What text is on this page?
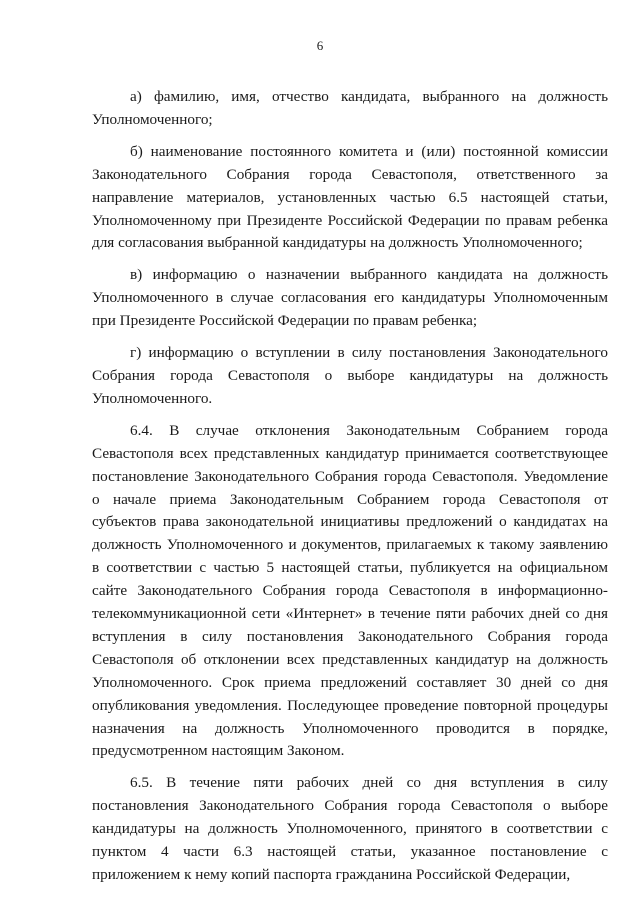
6

а) фамилию, имя, отчество кандидата, выбранного на должность Уполномоченного;

б) наименование постоянного комитета и (или) постоянной комиссии Законодательного Собрания города Севастополя, ответственного за направление материалов, установленных частью 6.5 настоящей статьи, Уполномоченному при Президенте Российской Федерации по правам ребенка для согласования выбранной кандидатуры на должность Уполномоченного;

в) информацию о назначении выбранного кандидата на должность Уполномоченного в случае согласования его кандидатуры Уполномоченным при Президенте Российской Федерации по правам ребенка;

г) информацию о вступлении в силу постановления Законодательного Собрания города Севастополя о выборе кандидатуры на должность Уполномоченного.

6.4. В случае отклонения Законодательным Собранием города Севастополя всех представленных кандидатур принимается соответствующее постановление Законодательного Собрания города Севастополя. Уведомление о начале приема Законодательным Собранием города Севастополя от субъектов права законодательной инициативы предложений о кандидатах на должность Уполномоченного и документов, прилагаемых к такому заявлению в соответствии с частью 5 настоящей статьи, публикуется на официальном сайте Законодательного Собрания города Севастополя в информационно-телекоммуникационной сети «Интернет» в течение пяти рабочих дней со дня вступления в силу постановления Законодательного Собрания города Севастополя об отклонении всех представленных кандидатур на должность Уполномоченного. Срок приема предложений составляет 30 дней со дня опубликования уведомления. Последующее проведение повторной процедуры назначения на должность Уполномоченного проводится в порядке, предусмотренном настоящим Законом.

6.5. В течение пяти рабочих дней со дня вступления в силу постановления Законодательного Собрания города Севастополя о выборе кандидатуры на должность Уполномоченного, принятого в соответствии с пунктом 4 части 6.3 настоящей статьи, указанное постановление с приложением к нему копий паспорта гражданина Российской Федерации,
